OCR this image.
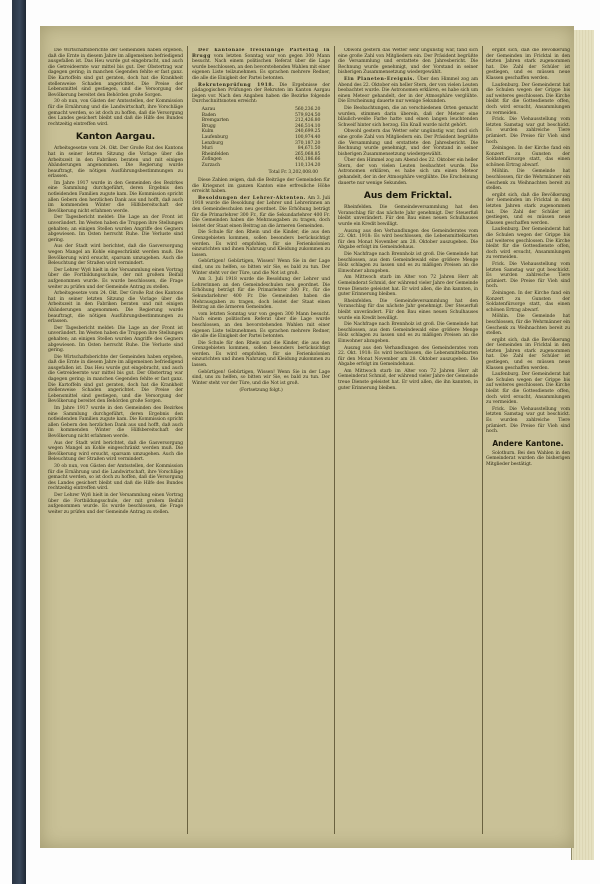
Die Wirtschaftsberichte der Gemeinden haben ergeben, daß die Ernte in diesem Jahre im allgemeinen befriedigend ausgefallen ist. Das Heu wurde gut eingebracht, und auch die Getreideernte war mittel bis gut. Der Obstertrag war dagegen gering; in manchen Gegenden fehlte er fast ganz. Die Kartoffeln sind gut geraten, doch hat die Krankheit stellenweise Schaden angerichtet. Die Preise der Lebensmittel sind gestiegen, und die Versorgung der Bevölkerung bereitet den Behörden große Sorgen.

30 ob nun, von Gästen der Amtsstellen, der Kommission für die Ernährung und die Landwirtschaft, ihre Vorschläge gemacht werden, so ist doch zu hoffen, daß die Versorgung des Landes gesichert bleibt und daß die Hilfe des Bundes rechtzeitig eintreffen wird.

Kanton Aargau.

Arbeitsgesetze vom 24. Okt. Der Große Rat des Kantons hat in seiner letzten Sitzung die Vorlage über die Arbeitszeit in den Fabriken beraten und mit einigen Abänderungen angenommen. Die Regierung wurde beauftragt, die nötigen Ausführungsbestimmungen zu erlassen.

Im Jahre 1917 wurde in den Gemeinden des Bezirkes eine Sammlung durchgeführt, deren Ergebnis den notleidenden Familien zugute kam. Die Kommission spricht allen Gebern den herzlichen Dank aus und hofft, daß auch im kommenden Winter die Hilfsbereitschaft der Bevölkerung nicht erlahmen werde.

Der Tagesbericht meldet: Die Lage an der Front ist unverändert. Im Westen haben die Truppen ihre Stellungen gehalten; an einigen Stellen wurden Angriffe des Gegners abgewiesen. Im Osten herrscht Ruhe. Die Verluste sind gering.

Aus der Stadt wird berichtet, daß die Gasversorgung wegen Mangel an Kohle eingeschränkt werden muß. Die Bevölkerung wird ersucht, sparsam umzugehen. Auch die Beleuchtung der Straßen wird vermindert.

Der Lehrer Wyß hielt in der Versammlung einen Vortrag über die Fortbildungsschule, der mit großem Beifall aufgenommen wurde. Es wurde beschlossen, die Frage weiter zu prüfen und der Gemeinde Antrag zu stellen.

Arbeitsgesetze vom 24. Okt. Der Große Rat des Kantons hat in seiner letzten Sitzung die Vorlage über die Arbeitszeit in den Fabriken beraten und mit einigen Abänderungen angenommen. Die Regierung wurde beauftragt, die nötigen Ausführungsbestimmungen zu erlassen.

Der Tagesbericht meldet: Die Lage an der Front ist unverändert. Im Westen haben die Truppen ihre Stellungen gehalten; an einigen Stellen wurden Angriffe des Gegners abgewiesen. Im Osten herrscht Ruhe. Die Verluste sind gering.

Die Wirtschaftsberichte der Gemeinden haben ergeben, daß die Ernte in diesem Jahre im allgemeinen befriedigend ausgefallen ist. Das Heu wurde gut eingebracht, und auch die Getreideernte war mittel bis gut. Der Obstertrag war dagegen gering; in manchen Gegenden fehlte er fast ganz. Die Kartoffeln sind gut geraten, doch hat die Krankheit stellenweise Schaden angerichtet. Die Preise der Lebensmittel sind gestiegen, und die Versorgung der Bevölkerung bereitet den Behörden große Sorgen.

Im Jahre 1917 wurde in den Gemeinden des Bezirkes eine Sammlung durchgeführt, deren Ergebnis den notleidenden Familien zugute kam. Die Kommission spricht allen Gebern den herzlichen Dank aus und hofft, daß auch im kommenden Winter die Hilfsbereitschaft der Bevölkerung nicht erlahmen werde.

Aus der Stadt wird berichtet, daß die Gasversorgung wegen Mangel an Kohle eingeschränkt werden muß. Die Bevölkerung wird ersucht, sparsam umzugehen. Auch die Beleuchtung der Straßen wird vermindert.

30 ob nun, von Gästen der Amtsstellen, der Kommission für die Ernährung und die Landwirtschaft, ihre Vorschläge gemacht werden, so ist doch zu hoffen, daß die Versorgung des Landes gesichert bleibt und daß die Hilfe des Bundes rechtzeitig eintreffen wird.

Der Lehrer Wyß hielt in der Versammlung einen Vortrag über die Fortbildungsschule, der mit großem Beifall aufgenommen wurde. Es wurde beschlossen, die Frage weiter zu prüfen und der Gemeinde Antrag zu stellen.

Der kantonale freisinnige Parteitag in Brugg vom letzten Sonntag war von gegen 300 Mann besucht. Nach einem politischen Referat über die Lage wurde beschlossen, an den bevorstehenden Wahlen mit einer eigenen Liste teilzunehmen. Es sprachen mehrere Redner, die alle die Einigkeit der Partei betonten.

Rekrutenprüfung 1918. Die Ergebnisse der pädagogischen Prüfungen der Rekruten im Kanton Aargau liegen vor. Nach den Angaben haben die Bezirke folgende Durchschnittsnoten erreicht:

Aarau	560,236.20
Baden	579,924.50
Bremgarten	212,426.80
Brugg	246,514.10
Kulm	240,699.25
Laufenburg	100,974.40
Lenzburg	370,187.20
Muri	84,671.50
Rheinfelden	265,068.85
Zofingen	403,186.66
Zurzach	110,134.20
Total Fr. 3,202,008.00

Diese Zahlen zeigen, daß die Beiträge der Gemeinden für die Kriegsnot im ganzen Kanton eine erfreuliche Höhe erreicht haben.

Besoldungen der Lehrer-Aktenten. Am 3. Juli 1918 wurde die Besoldung der Lehrer und Lehrerinnen an den Gemeindeschulen neu geordnet. Die Erhöhung beträgt für die Primarlehrer 300 Fr., für die Sekundarlehrer 400 Fr. Die Gemeinden haben die Mehrausgaben zu tragen, doch leistet der Staat einen Beitrag an die ärmeren Gemeinden.

Die Schule für den Rhein und die Kinder, die aus den Grenzgebieten kommen, sollen besonders berücksichtigt werden. Es wird empfohlen, für sie Ferienkolonien einzurichten und ihnen Nahrung und Kleidung zukommen zu lassen.

Gebürtigen! Gebürtigen, Wissen! Wenn Sie in der Lage sind, uns zu helfen, so bitten wir Sie, es bald zu tun. Der Winter steht vor der Türe, und die Not ist groß.

Am 3. Juli 1918 wurde die Besoldung der Lehrer und Lehrerinnen an den Gemeindeschulen neu geordnet. Die Erhöhung beträgt für die Primarlehrer 300 Fr., für die Sekundarlehrer 400 Fr. Die Gemeinden haben die Mehrausgaben zu tragen, doch leistet der Staat einen Beitrag an die ärmeren Gemeinden.

vom letzten Sonntag war von gegen 300 Mann besucht. Nach einem politischen Referat über die Lage wurde beschlossen, an den bevorstehenden Wahlen mit einer eigenen Liste teilzunehmen. Es sprachen mehrere Redner, die alle die Einigkeit der Partei betonten.

Die Schule für den Rhein und die Kinder, die aus den Grenzgebieten kommen, sollen besonders berücksichtigt werden. Es wird empfohlen, für sie Ferienkolonien einzurichten und ihnen Nahrung und Kleidung zukommen zu lassen.

Gebürtigen! Gebürtigen, Wissen! Wenn Sie in der Lage sind, uns zu helfen, so bitten wir Sie, es bald zu tun. Der Winter steht vor der Türe, und die Not ist groß.

(Fortsetzung folgt.)

Obwohl gestern das Wetter sehr ungünstig war, fand sich eine große Zahl von Mitgliedern ein. Der Präsident begrüßte die Versammlung und erstattete den Jahresbericht. Die Rechnung wurde genehmigt, und der Vorstand in seiner bisherigen Zusammensetzung wiedergewählt.

Ein Planeten-Ereignis. Über den Himmel zog am Abend des 22. Oktober ein heller Stern, der von vielen Leuten beobachtet wurde. Die Astronomen erklären, es habe sich um einen Meteor gehandelt, der in der Atmosphäre verglühte. Die Erscheinung dauerte nur wenige Sekunden.

Die Beobachtungen, die an verschiedenen Orten gemacht wurden, stimmen darin überein, daß der Meteor eine bläulich-weiße Farbe hatte und einen langen leuchtenden Schweif hinter sich herzog. Ein Knall wurde nicht gehört.

Obwohl gestern das Wetter sehr ungünstig war, fand sich eine große Zahl von Mitgliedern ein. Der Präsident begrüßte die Versammlung und erstattete den Jahresbericht. Die Rechnung wurde genehmigt, und der Vorstand in seiner bisherigen Zusammensetzung wiedergewählt.

Über den Himmel zog am Abend des 22. Oktober ein heller Stern, der von vielen Leuten beobachtet wurde. Die Astronomen erklären, es habe sich um einen Meteor gehandelt, der in der Atmosphäre verglühte. Die Erscheinung dauerte nur wenige Sekunden.

Aus dem Fricktal.

Rheinfelden. Die Gemeindeversammlung hat den Voranschlag für das nächste Jahr genehmigt. Der Steuerfuß bleibt unverändert. Für den Bau eines neuen Schulhauses wurde ein Kredit bewilligt.

Auszug aus den Verhandlungen des Gemeinderates vom 22. Okt. 1918: Es wird beschlossen, die Lebensmittelkarten für den Monat November am 28. Oktober auszugeben. Die Abgabe erfolgt im Gemeindehaus.

Die Nachfrage nach Brennholz ist groß. Die Gemeinde hat beschlossen, aus dem Gemeindewald eine größere Menge Holz schlagen zu lassen und es zu mäßigen Preisen an die Einwohner abzugeben.

Am Mittwoch starb im Alter von 72 Jahren Herr alt Gemeinderat Schmid, der während vieler Jahre der Gemeinde treue Dienste geleistet hat. Er wird allen, die ihn kannten, in guter Erinnerung bleiben.

Rheinfelden. Die Gemeindeversammlung hat den Voranschlag für das nächste Jahr genehmigt. Der Steuerfuß bleibt unverändert. Für den Bau eines neuen Schulhauses wurde ein Kredit bewilligt.

Die Nachfrage nach Brennholz ist groß. Die Gemeinde hat beschlossen, aus dem Gemeindewald eine größere Menge Holz schlagen zu lassen und es zu mäßigen Preisen an die Einwohner abzugeben.

Auszug aus den Verhandlungen des Gemeinderates vom 22. Okt. 1918: Es wird beschlossen, die Lebensmittelkarten für den Monat November am 28. Oktober auszugeben. Die Abgabe erfolgt im Gemeindehaus.

Am Mittwoch starb im Alter von 72 Jahren Herr alt Gemeinderat Schmid, der während vieler Jahre der Gemeinde treue Dienste geleistet hat. Er wird allen, die ihn kannten, in guter Erinnerung bleiben.

ergibt sich, daß die Bevölkerung der Gemeinden im Fricktal in den letzten Jahren stark zugenommen hat. Die Zahl der Schüler ist gestiegen, und es müssen neue Klassen geschaffen werden.

Laufenburg. Der Gemeinderat hat die Schulen wegen der Grippe bis auf weiteres geschlossen. Die Kirche bleibt für die Gottesdienste offen, doch wird ersucht, Ansammlungen zu vermeiden.

Frick. Die Viehausstellung vom letzten Samstag war gut beschickt. Es wurden zahlreiche Tiere prämiert. Die Preise für Vieh sind hoch.

Zeiningen. In der Kirche fand ein Konzert zu Gunsten der Soldatenfürsorge statt, das einen schönen Ertrag abwarf.

Möhlin. Die Gemeinde hat beschlossen, für die Wehrmänner ein Geschenk zu Weihnachten bereit zu stellen.

ergibt sich, daß die Bevölkerung der Gemeinden im Fricktal in den letzten Jahren stark zugenommen hat. Die Zahl der Schüler ist gestiegen, und es müssen neue Klassen geschaffen werden.

Laufenburg. Der Gemeinderat hat die Schulen wegen der Grippe bis auf weiteres geschlossen. Die Kirche bleibt für die Gottesdienste offen, doch wird ersucht, Ansammlungen zu vermeiden.

Frick. Die Viehausstellung vom letzten Samstag war gut beschickt. Es wurden zahlreiche Tiere prämiert. Die Preise für Vieh sind hoch.

Zeiningen. In der Kirche fand ein Konzert zu Gunsten der Soldatenfürsorge statt, das einen schönen Ertrag abwarf.

Möhlin. Die Gemeinde hat beschlossen, für die Wehrmänner ein Geschenk zu Weihnachten bereit zu stellen.

ergibt sich, daß die Bevölkerung der Gemeinden im Fricktal in den letzten Jahren stark zugenommen hat. Die Zahl der Schüler ist gestiegen, und es müssen neue Klassen geschaffen werden.

Laufenburg. Der Gemeinderat hat die Schulen wegen der Grippe bis auf weiteres geschlossen. Die Kirche bleibt für die Gottesdienste offen, doch wird ersucht, Ansammlungen zu vermeiden.

Frick. Die Viehausstellung vom letzten Samstag war gut beschickt. Es wurden zahlreiche Tiere prämiert. Die Preise für Vieh sind hoch.

Andere Kantone.

Solothurn. Bei den Wahlen in den Gemeinderat wurden die bisherigen Mitglieder bestätigt.
